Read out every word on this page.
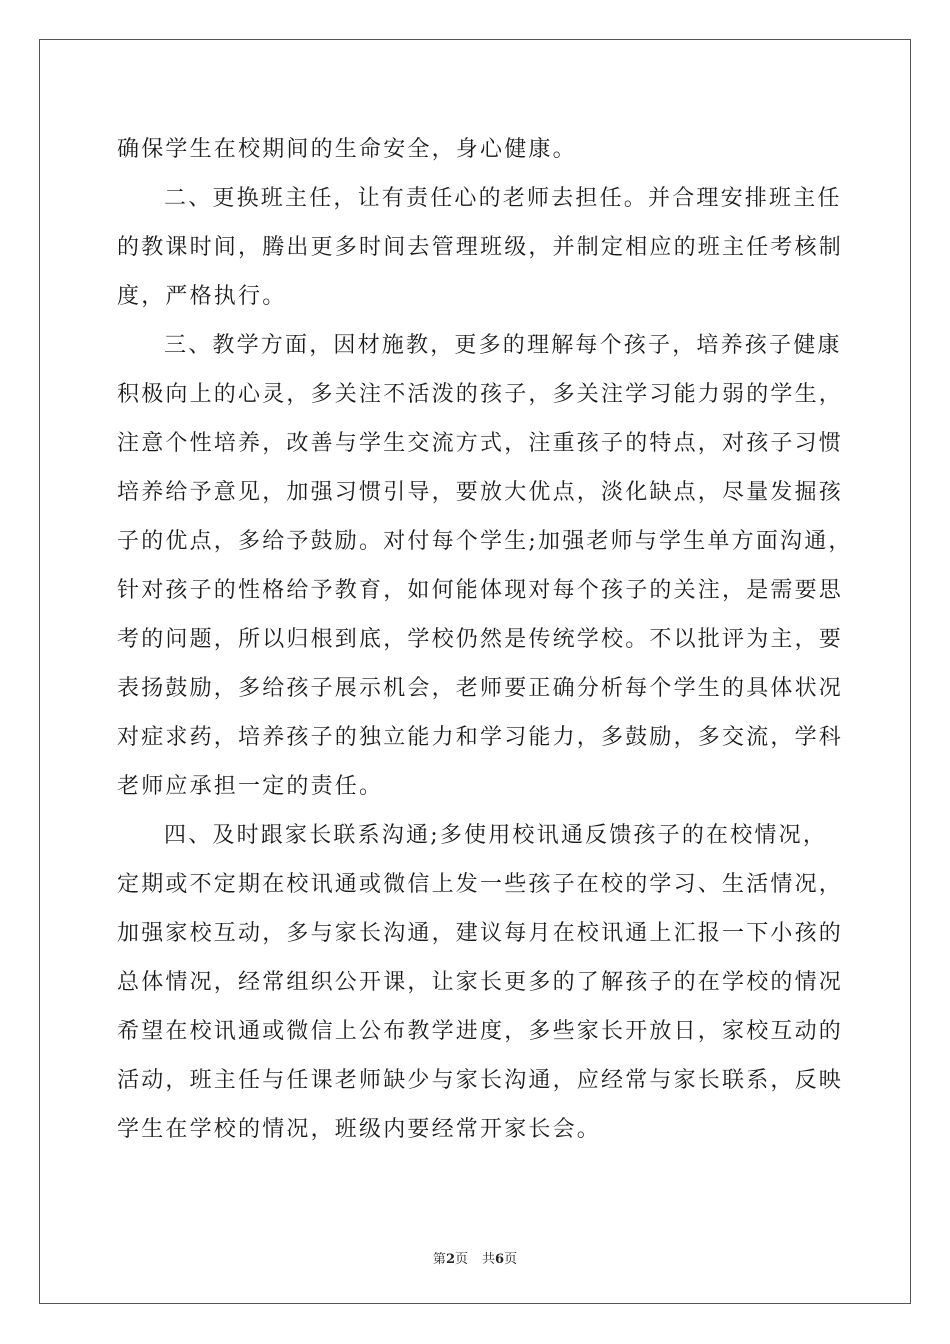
确保学生在校期间的生命安全，身心健康。
二、更换班主任，让有责任心的老师去担任。并合理安排班主任
的教课时间，腾出更多时间去管理班级，并制定相应的班主任考核制
度，严格执行。
三、教学方面，因材施教，更多的理解每个孩子，培养孩子健康
积极向上的心灵，多关注不活泼的孩子，多关注学习能力弱的学生，
注意个性培养，改善与学生交流方式，注重孩子的特点，对孩子习惯
培养给予意见，加强习惯引导，要放大优点，淡化缺点，尽量发掘孩
子的优点，多给予鼓励。对付每个学生;加强老师与学生单方面沟通，
针对孩子的性格给予教育，如何能体现对每个孩子的关注，是需要思
考的问题，所以归根到底，学校仍然是传统学校。不以批评为主，要
表扬鼓励，多给孩子展示机会，老师要正确分析每个学生的具体状况
对症求药，培养孩子的独立能力和学习能力，多鼓励，多交流，学科
老师应承担一定的责任。
四、及时跟家长联系沟通;多使用校讯通反馈孩子的在校情况，
定期或不定期在校讯通或微信上发一些孩子在校的学习、生活情况，
加强家校互动，多与家长沟通，建议每月在校讯通上汇报一下小孩的
总体情况，经常组织公开课，让家长更多的了解孩子的在学校的情况
希望在校讯通或微信上公布教学进度，多些家长开放日，家校互动的
活动，班主任与任课老师缺少与家长沟通，应经常与家长联系，反映
学生在学校的情况，班级内要经常开家长会。
第2页 共6页
